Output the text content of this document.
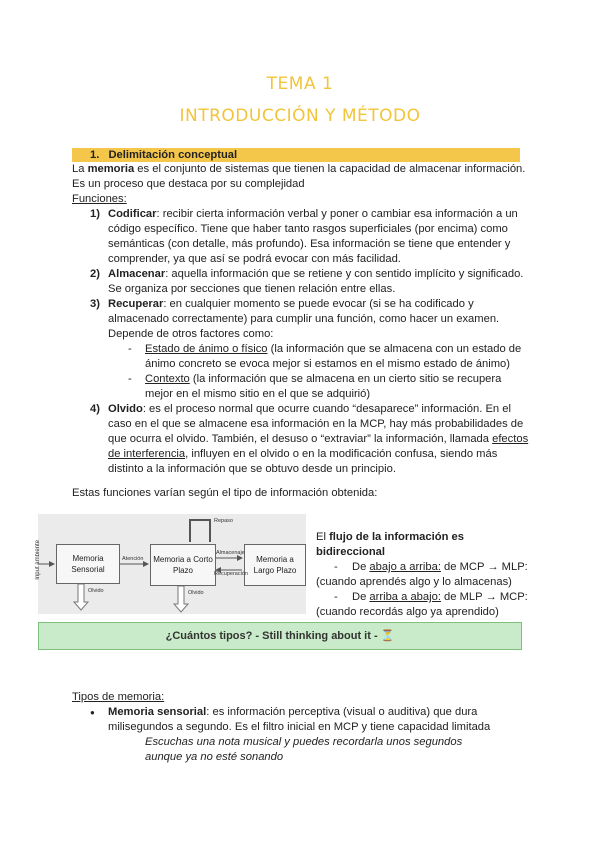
TEMA 1
INTRODUCCIÓN Y MÉTODO
1. Delimitación conceptual
La memoria es el conjunto de sistemas que tienen la capacidad de almacenar información.
Es un proceso que destaca por su complejidad
Funciones:
1) Codificar: recibir cierta información verbal y poner o cambiar esa información a un
código específico. Tiene que haber tanto rasgos superficiales (por encima) como
semánticas (con detalle, más profundo). Esa información se tiene que entender y
comprender, ya que así se podrá evocar con más facilidad.
2) Almacenar: aquella información que se retiene y con sentido implícito y significado.
Se organiza por secciones que tienen relación entre ellas.
3) Recuperar: en cualquier momento se puede evocar (si se ha codificado y
almacenado correctamente) para cumplir una función, como hacer un examen.
Depende de otros factores como:
- Estado de ánimo o físico (la información que se almacena con un estado de
ánimo concreto se evoca mejor si estamos en el mismo estado de ánimo)
- Contexto (la información que se almacena en un cierto sitio se recupera
mejor en el mismo sitio en el que se adquirió)
4) Olvido: es el proceso normal que ocurre cuando “desaparece” información. En el
caso en el que se almacene esa información en la MCP, hay más probabilidades de
que ocurra el olvido. También, el desuso o “extraviar” la información, llamada efectos
de interferencia, influyen en el olvido o en la modificación confusa, siendo más
distinto a la información que se obtuvo desde un principio.
Estas funciones varían según el tipo de información obtenida:
Input ambiente	Memoria Sensorial
Memoria a Corto Plazo
Memoria a Largo Plazo
Atención
Almacenaje
Recuperación
Repaso
Olvido	Olvido
El flujo de la información es
bidireccional
- De abajo a arriba: de MCP → MLP:
(cuando aprendés algo y lo almacenas)
- De arriba a abajo: de MLP → MCP:
(cuando recordás algo ya aprendido)
¿Cuántos tipos? - Still thinking about it - ⏳
Tipos de memoria:
● Memoria sensorial: es información perceptiva (visual o auditiva) que dura
milisegundos a segundo. Es el filtro inicial en MCP y tiene capacidad limitada
Escuchas una nota musical y puedes recordarla unos segundos
aunque ya no esté sonando
